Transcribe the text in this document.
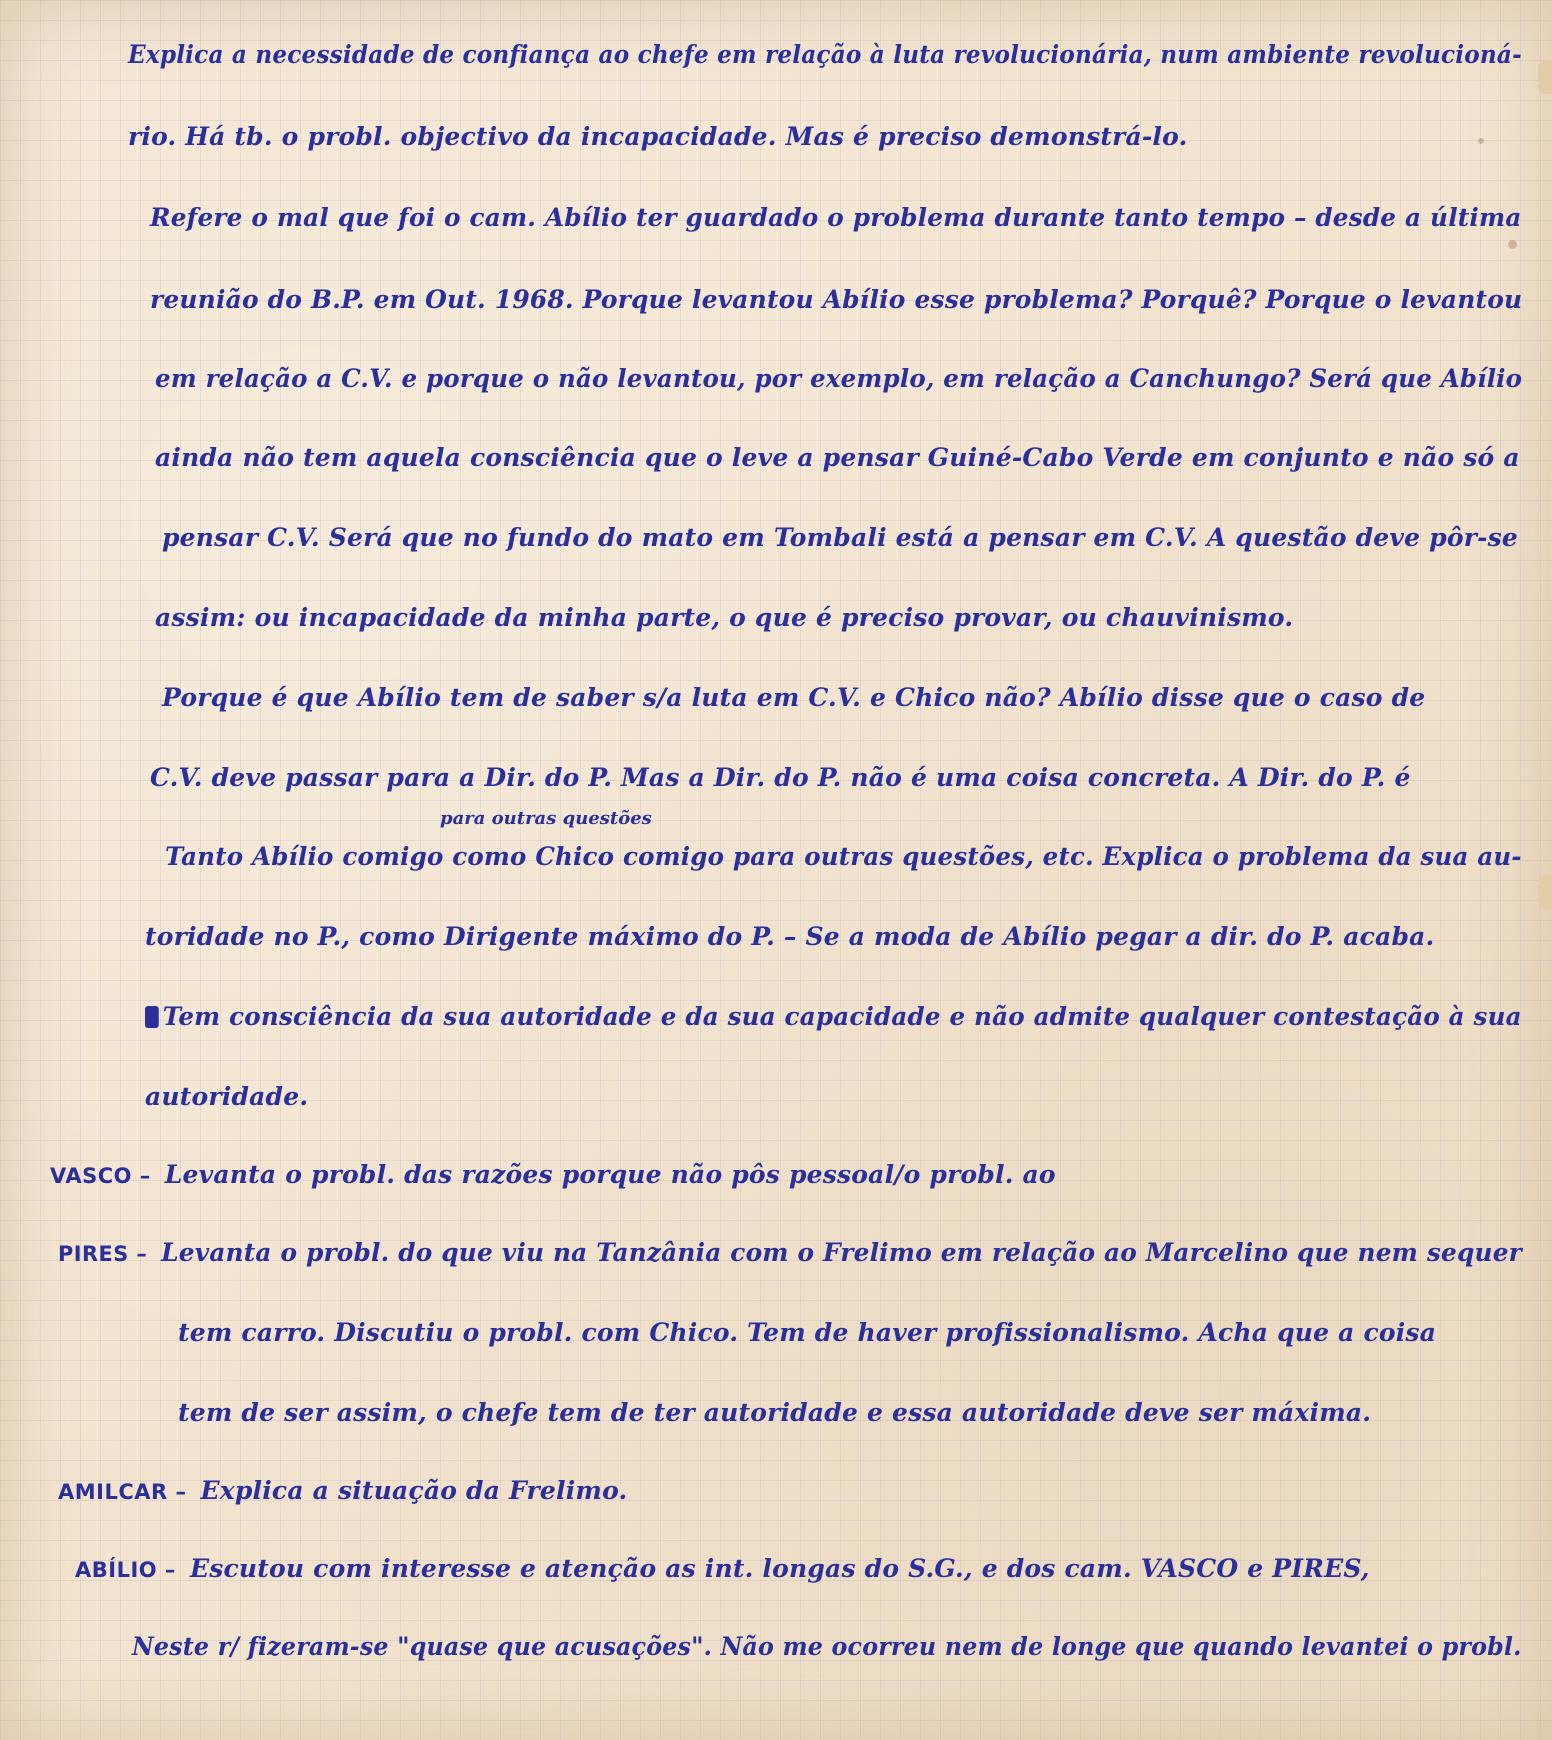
Explica a necessidade de confiança ao chefe em relação à luta revolucionária, num ambiente revolucioná-
rio. Há tb. o probl. objectivo da incapacidade. Mas é preciso demonstrá-lo.
Refere o mal que foi o cam. Abílio ter guardado o problema durante tanto tempo – desde a última
reunião do B.P. em Out. 1968. Porque levantou Abílio esse problema? Porquê? Porque o levantou
em relação a C.V. e porque o não levantou, por exemplo, em relação a Canchungo? Será que Abílio
ainda não tem aquela consciência que o leve a pensar Guiné-Cabo Verde em conjunto e não só a
pensar C.V. Será que no fundo do mato em Tombali está a pensar em C.V. A questão deve pôr-se
assim: ou incapacidade da minha parte, o que é preciso provar, ou chauvinismo.
Porque é que Abílio tem de saber s/a luta em C.V. e Chico não? Abílio disse que o caso de
C.V. deve passar para a Dir. do P. Mas a Dir. do P. não é uma coisa concreta. A Dir. do P. é
para outras questões
Tanto Abílio comigo como Chico comigo para outras questões, etc. Explica o problema da sua au-
toridade no P., como Dirigente máximo do P. – Se a moda de Abílio pegar a dir. do P. acaba.
Tem consciência da sua autoridade e da sua capacidade e não admite qualquer contestação à sua
autoridade.
VASCO – Levanta o probl. das razões porque não pôs pessoal/o probl. ao
PIRES – Levanta o probl. do que viu na Tanzânia com o Frelimo em relação ao Marcelino que nem sequer
tem carro. Discutiu o probl. com Chico. Tem de haver profissionalismo. Acha que a coisa
tem de ser assim, o chefe tem de ter autoridade e essa autoridade deve ser máxima.
AMILCAR – Explica a situação da Frelimo.
ABÍLIO – Escutou com interesse e atenção as int. longas do S.G., e dos cam. VASCO e PIRES,
Neste r/ fizeram-se "quase que acusações". Não me ocorreu nem de longe que quando levantei o probl.
